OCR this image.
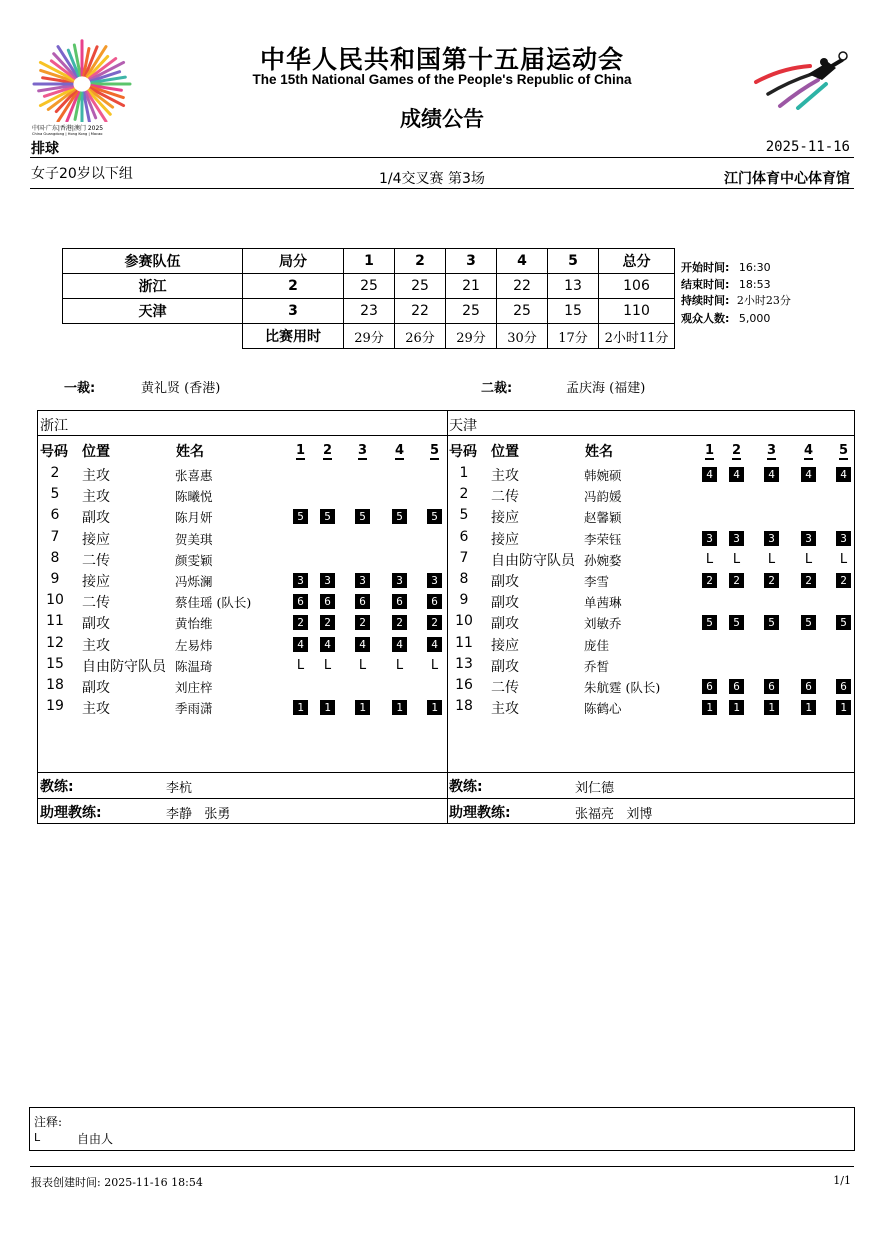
中国·广东|香港|澳门 2025
China Guangdong | Hong Kong | Macao
中华人民共和国第十五届运动会
The 15th National Games of the People's Republic of China
成绩公告
排球	2025-11-16
女子20岁以下组	1/4交叉赛 第3场	江门体育中心体育馆
参赛队伍	局分	1	2	3	4	5	总分
浙江	2	25	25	21	22	13	106
天津	3	23	22	25	25	15	110
	比赛用时	29分	26分	29分	30分	17分	2小时11分
开始时间: 16:30
结束时间: 18:53
持续时间: 2小时23分
观众人数: 5,000
一裁:	黄礼贤 (香港)	二裁:	孟庆海 (福建)
浙江
号码 位置	姓名	1 2 3 4 5
2	主攻	张喜惠
5	主攻	陈曦悦
6	副攻	陈月妍	5	5	5	5	5
7	接应	贺美琪
8	二传	颜雯颖
9	接应	冯烁澜	3	3	3	3	3
10	二传	蔡佳瑶 (队长)	6	6	6	6	6
11	副攻	黄怡维	2	2	2	2	2
12	主攻	左易炜	4	4	4	4	4
15	自由防守队员 陈温琦	L L L L L
18	副攻	刘庄梓
19	主攻	季雨潇	1	1	1	1	1
教练:	李杭
助理教练:	李静   张勇
天津
号码 位置	姓名	1 2 3 4 5
1	主攻	韩婉硕	4	4	4	4	4
2	二传	冯韵媛
5	接应	赵馨颖
6	接应	李荣钰	3	3	3	3	3
7	自由防守队员 孙婉婺	L L L L L
8	副攻	李雪	2	2	2	2	2
9	副攻	单茜琳
10	副攻	刘敏乔	5	5	5	5	5
11	接应	庞佳
13	副攻	乔皙
16	二传	朱航霆 (队长)	6	6	6	6	6
18	主攻	陈鹤心	1	1	1	1	1
教练:	刘仁德
助理教练:	张福亮   刘博
注释:
L	自由人
报表创建时间: 2025-11-16 18:54	1/1
